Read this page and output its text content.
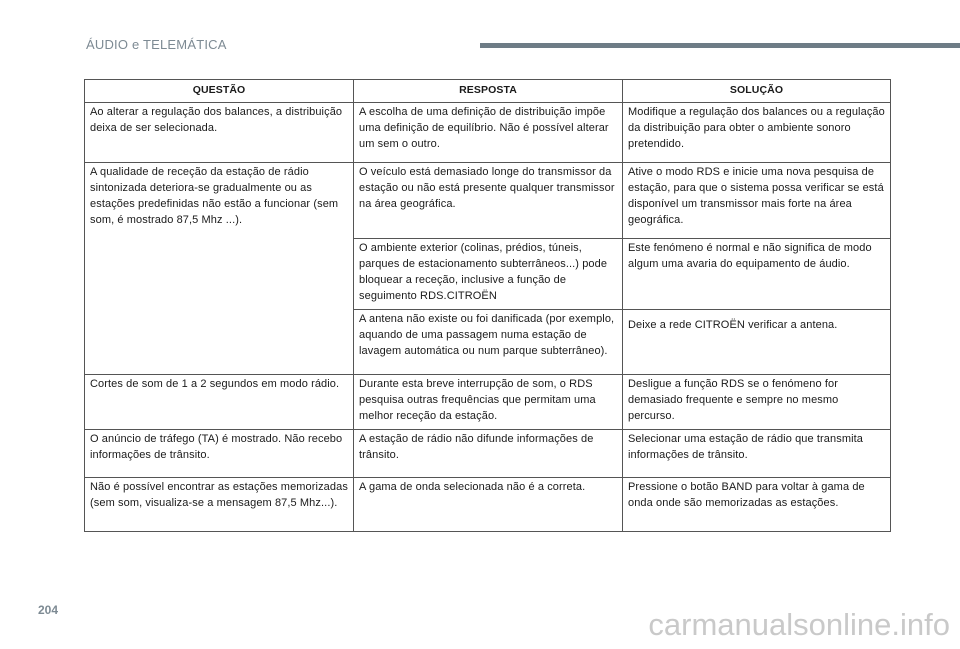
ÁUDIO e TELEMÁTICA
QUESTÃO	RESPOSTA	SOLUÇÃO
Ao alterar a regulação dos balances, a distribuição deixa de ser selecionada.	A escolha de uma definição de distribuição impõe uma definição de equilíbrio. Não é possível alterar um sem o outro.	Modifique a regulação dos balances ou a regulação da distribuição para obter o ambiente sonoro pretendido.
A qualidade de receção da estação de rádio sintonizada deteriora-se gradualmente ou as estações predefinidas não estão a funcionar (sem som, é mostrado 87,5 Mhz ...).	O veículo está demasiado longe do transmissor da estação ou não está presente qualquer transmissor na área geográfica.	Ative o modo RDS e inicie uma nova pesquisa de estação, para que o sistema possa verificar se está disponível um transmissor mais forte na área geográfica.
	O ambiente exterior (colinas, prédios, túneis, parques de estacionamento subterrâneos...) pode bloquear a receção, inclusive a função de seguimento RDS.CITROËN	Este fenómeno é normal e não significa de modo algum uma avaria do equipamento de áudio.
	A antena não existe ou foi danificada (por exemplo, aquando de uma passagem numa estação de lavagem automática ou num parque subterrâneo).	Deixe a rede CITROËN verificar a antena.
Cortes de som de 1 a 2 segundos em modo rádio.	Durante esta breve interrupção de som, o RDS pesquisa outras frequências que permitam uma melhor receção da estação.	Desligue a função RDS se o fenómeno for demasiado frequente e sempre no mesmo percurso.
O anúncio de tráfego (TA) é mostrado. Não recebo informações de trânsito.	A estação de rádio não difunde informações de trânsito.	Selecionar uma estação de rádio que transmita informações de trânsito.
Não é possível encontrar as estações memorizadas (sem som, visualiza-se a mensagem 87,5 Mhz...).	A gama de onda selecionada não é a correta.	Pressione o botão BAND para voltar à gama de onda onde são memorizadas as estações.
204	carmanualsonline.info
